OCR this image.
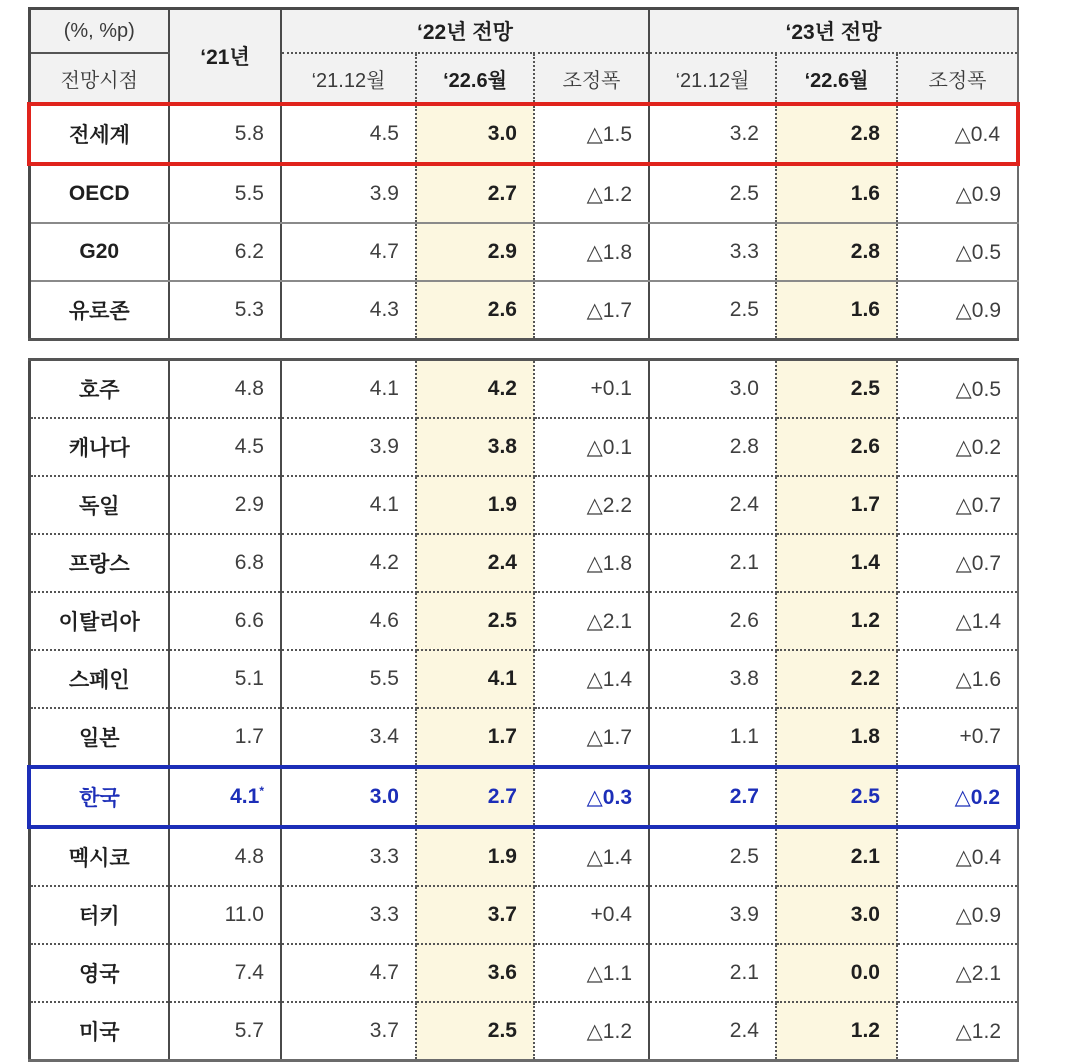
(%, %p)	‘21년	‘22년 전망			‘23년 전망		
전망시점		‘21.12월	‘22.6월	조정폭	‘21.12월	‘22.6월	조정폭
전세계	5.8	4.5	3.0	△1.5	3.2	2.8	△0.4
OECD	5.5	3.9	2.7	△1.2	2.5	1.6	△0.9
G20	6.2	4.7	2.9	△1.8	3.3	2.8	△0.5
유로존	5.3	4.3	2.6	△1.7	2.5	1.6	△0.9

호주	4.8	4.1	4.2	+0.1	3.0	2.5	△0.5
캐나다	4.5	3.9	3.8	△0.1	2.8	2.6	△0.2
독일	2.9	4.1	1.9	△2.2	2.4	1.7	△0.7
프랑스	6.8	4.2	2.4	△1.8	2.1	1.4	△0.7
이탈리아	6.6	4.6	2.5	△2.1	2.6	1.2	△1.4
스페인	5.1	5.5	4.1	△1.4	3.8	2.2	△1.6
일본	1.7	3.4	1.7	△1.7	1.1	1.8	+0.7
한국	4.1*	3.0	2.7	△0.3	2.7	2.5	△0.2
멕시코	4.8	3.3	1.9	△1.4	2.5	2.1	△0.4
터키	11.0	3.3	3.7	+0.4	3.9	3.0	△0.9
영국	7.4	4.7	3.6	△1.1	2.1	0.0	△2.1
미국	5.7	3.7	2.5	△1.2	2.4	1.2	△1.2
